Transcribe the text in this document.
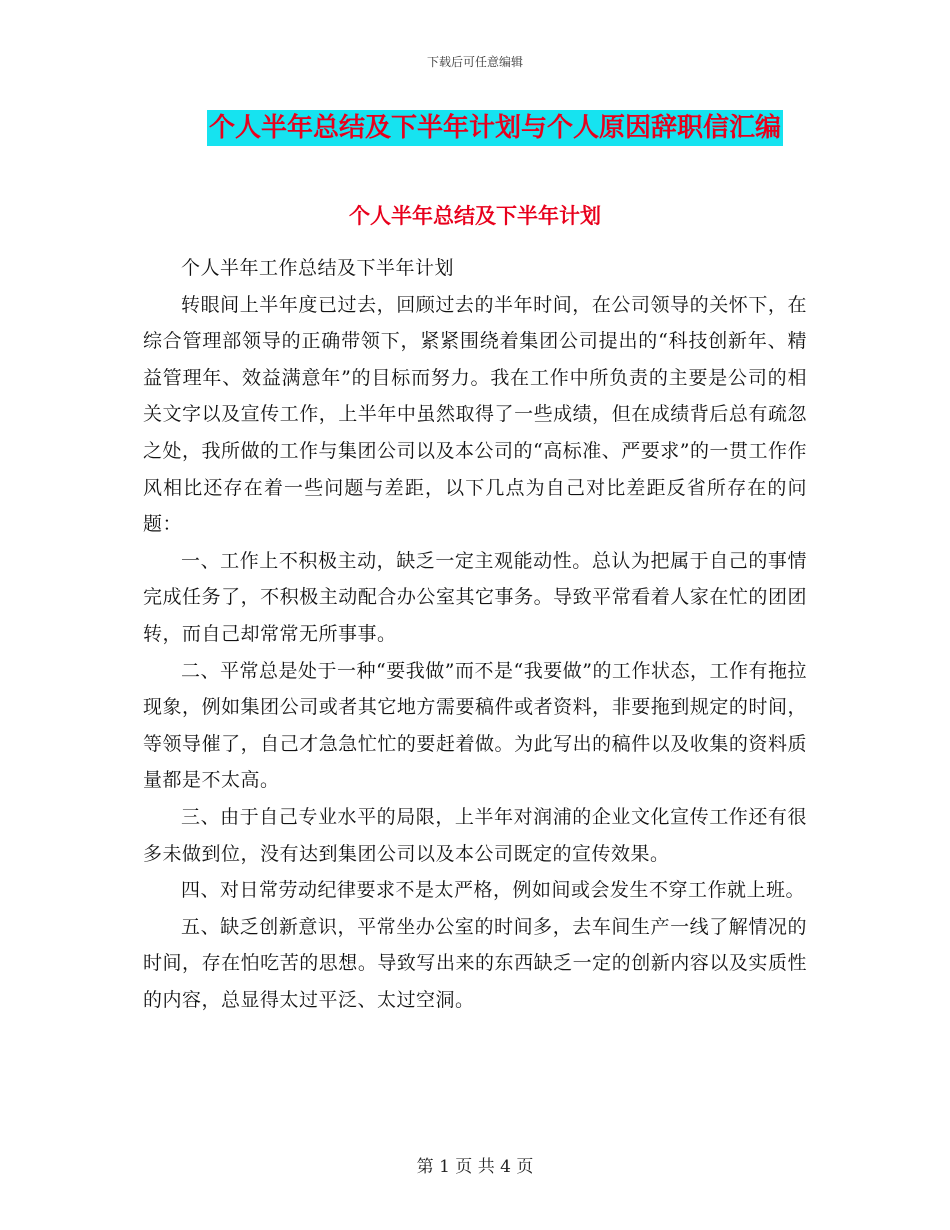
下载后可任意编辑
个人半年总结及下半年计划与个人原因辞职信汇编
个人半年总结及下半年计划

个人半年工作总结及下半年计划

转眼间上半年度已过去，回顾过去的半年时间，在公司领导的关怀下，在综合管理部领导的正确带领下，紧紧围绕着集团公司提出的“科技创新年、精益管理年、效益满意年”的目标而努力。我在工作中所负责的主要是公司的相关文字以及宣传工作，上半年中虽然取得了一些成绩，但在成绩背后总有疏忽之处，我所做的工作与集团公司以及本公司的“高标准、严要求”的一贯工作作风相比还存在着一些问题与差距，以下几点为自己对比差距反省所存在的问题：

一、工作上不积极主动，缺乏一定主观能动性。总认为把属于自己的事情完成任务了，不积极主动配合办公室其它事务。导致平常看着人家在忙的团团转，而自己却常常无所事事。

二、平常总是处于一种“要我做”而不是“我要做”的工作状态，工作有拖拉现象，例如集团公司或者其它地方需要稿件或者资料，非要拖到规定的时间，等领导催了，自己才急急忙忙的要赶着做。为此写出的稿件以及收集的资料质量都是不太高。

三、由于自己专业水平的局限，上半年对润浦的企业文化宣传工作还有很多未做到位，没有达到集团公司以及本公司既定的宣传效果。

四、对日常劳动纪律要求不是太严格，例如间或会发生不穿工作就上班。

五、缺乏创新意识，平常坐办公室的时间多，去车间生产一线了解情况的时间，存在怕吃苦的思想。导致写出来的东西缺乏一定的创新内容以及实质性的内容，总显得太过平泛、太过空洞。

第 1 页 共 4 页
